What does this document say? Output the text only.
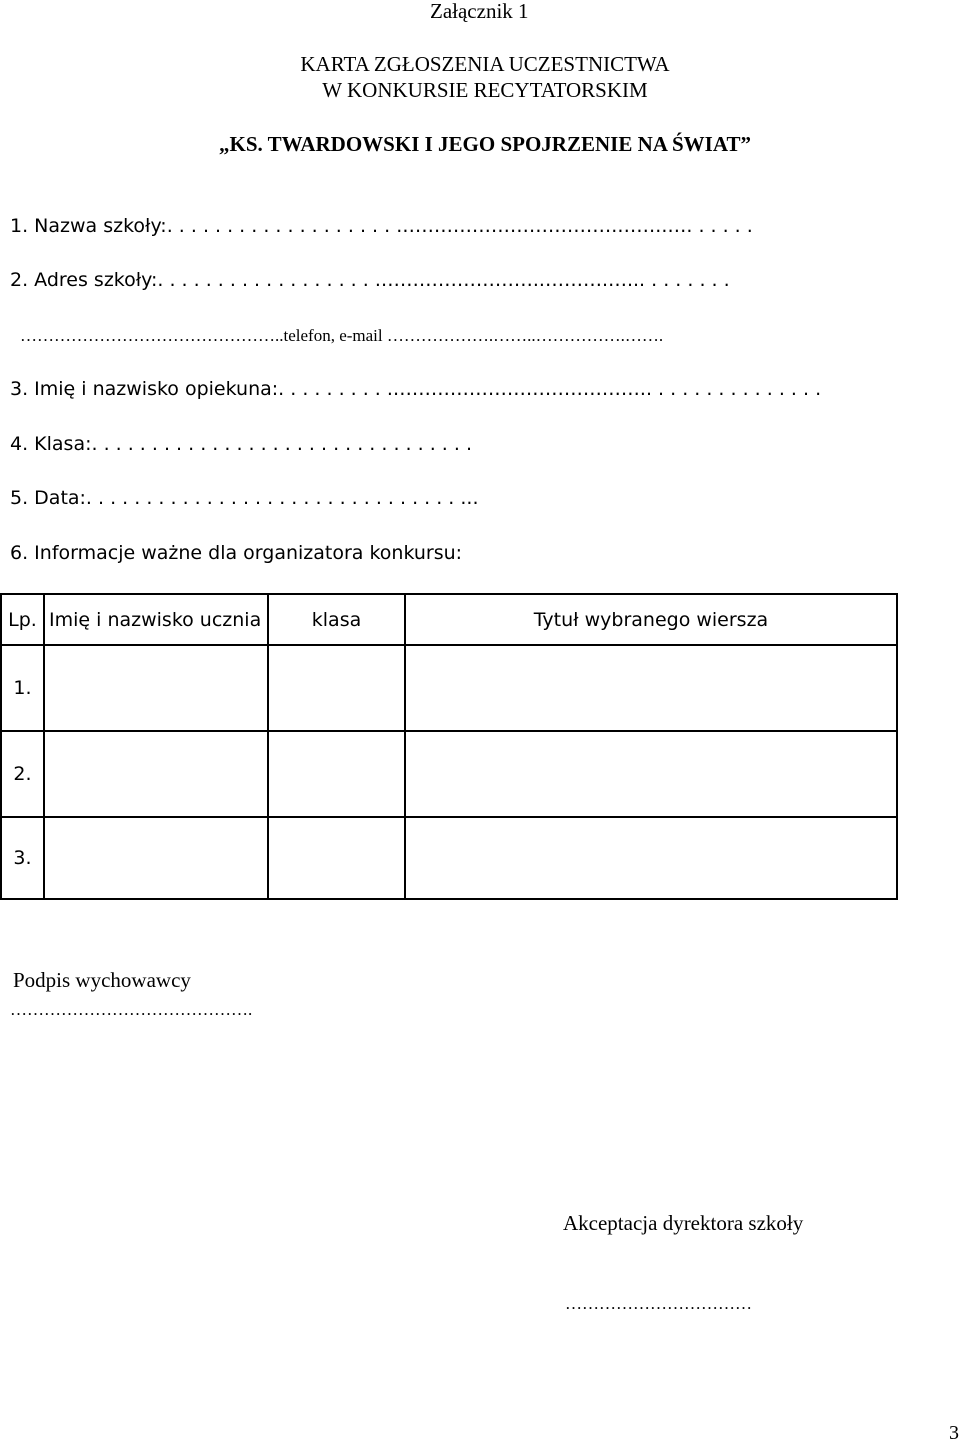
Załącznik 1
KARTA ZGŁOSZENIA UCZESTNICTWA
W KONKURSIE RECYTATORSKIM
„KS. TWARDOWSKI I JEGO SPOJRZENIE NA ŚWIAT”
1. Nazwa szkoły:. . . . . . . . . . . . . . . . . . . .…………………………….……..…. . . . . .
2. Adres szkoły:. . . . . . . . . . . . . . . . . . .……………………..……….…... . . . . . . .
………………………………………..telefon, e-mail ……………….……..…………….…….
3. Imię i nazwisko opiekuna:. . . . . . . . . .………………………………….. . . . . . . . . . . . . . .
4. Klasa:. . . . . . . . . . . . . . . . . . . . . . . . . . . . . . . .
5. Data:. . . . . . . . . . . . . . . . . . . . . . . . . . . . . . . ...
6. Informacje ważne dla organizatora konkursu:
Lp.	Imię i nazwisko ucznia	klasa	Tytuł wybranego wiersza
1.			
2.			
3.			
Podpis wychowawcy
…………………………………….
Akceptacja dyrektora szkoły
……………………………
3
